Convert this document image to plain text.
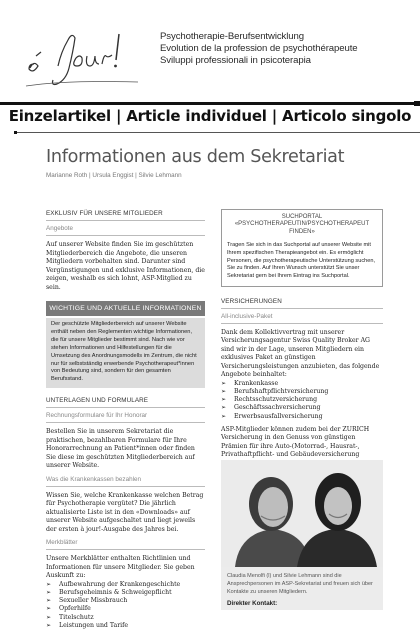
Psychotherapie-Berufsentwicklung
Evolution de la profession de psychothérapeute
Sviluppi professionali in psicoterapia
Einzelartikel | Article individuel | Articolo singolo
Informationen aus dem Sekretariat
Marianne Roth | Ursula Enggist | Silvie Lehmann
EXKLUSIV FÜR UNSERE MITGLIEDER
Angebote

Auf unserer Website finden Sie im geschützten Mitgliederbereich die Angebote, die unseren Mitgliedern vorbehalten sind. Darunter sind Vergünstigungen und exklusive Informationen, die zeigen, weshalb es sich lohnt, ASP-Mitglied zu sein.

WICHTIGE UND AKTUELLE INFORMATIONEN
Der geschützte Mitgliederbereich auf unserer Website enthält neben den Reglementen wichtige Informationen, die für unsere Mitglieder bestimmt sind. Nach wie vor stehen Informationen und Hilfestellungen für die Umsetzung des Anordnungsmodells im Zentrum, die nicht nur für selbstständig erwerbende Psychotherapeut*innen von Bedeutung sind, sondern für den gesamten Berufsstand.
UNTERLAGEN UND FORMULARE
Rechnungsformulare für Ihr Honorar

Bestellen Sie in unserem Sekretariat die praktischen, bezahlbaren Formulare für Ihre Honorarrechnung an Patient*innen oder finden Sie diese im geschützten Mitgliederbereich auf unserer Website.

Was die Krankenkassen bezahlen

Wissen Sie, welche Krankenkasse welchen Betrag für Psychotherapie vergütet? Die jährlich aktualisierte Liste ist in den «Downloads» auf unserer Website aufgeschaltet und liegt jeweils der ersten à jour!-Ausgabe des Jahres bei.

Merkblätter

Unsere Merkblätter enthalten Richtlinien und Informationen für unsere Mitglieder. Sie geben Auskunft zu:

➢ Aufbewahrung der Krankengeschichte
➢ Berufsgeheimnis & Schweigepflicht
➢ Sexueller Missbrauch
➢ Opferhilfe
➢ Titelschutz
➢ Leistungen und Tarife
SUCHPORTAL
«PSYCHOTHERAPEUTIN/PSYCHOTHERAPEUT FINDEN»
Tragen Sie sich in das Suchportal auf unserer Website mit Ihrem spezifischen Therapieangebot ein. Es ermöglicht Personen, die psychotherapeutische Unterstützung suchen, Sie zu finden. Auf Ihren Wunsch unterstützt Sie unser Sekretariat gern bei Ihrem Eintrag ins Suchportal.
VERSICHERUNGEN
All-inclusive-Paket

Dank dem Kollektivvertrag mit unserer Versicherungsagentur Swiss Quality Broker AG sind wir in der Lage, unseren Mitgliedern ein exklusives Paket an günstigen Versicherungsleistungen anzubieten, das folgende Angebote beinhaltet:

➢ Krankenkasse
➢ Berufshaftpflichtversicherung
➢ Rechtsschutzversicherung
➢ Geschäftssachversicherung
➢ Erwerbsausfallversicherung

ASP-Mitglieder können zudem bei der ZURICH Versicherung in den Genuss von günstigen Prämien für ihre Auto-(Motorrad-, Hausrat-, Privathaftpflicht- und Gebäudeversicherung

Claudia Menolfi (l) und Silvie Lehmann sind die Ansprechpersonen im ASP-Sekretariat und freuen sich über Kontakte zu unseren Mitgliedern.
Direkter Kontakt:
